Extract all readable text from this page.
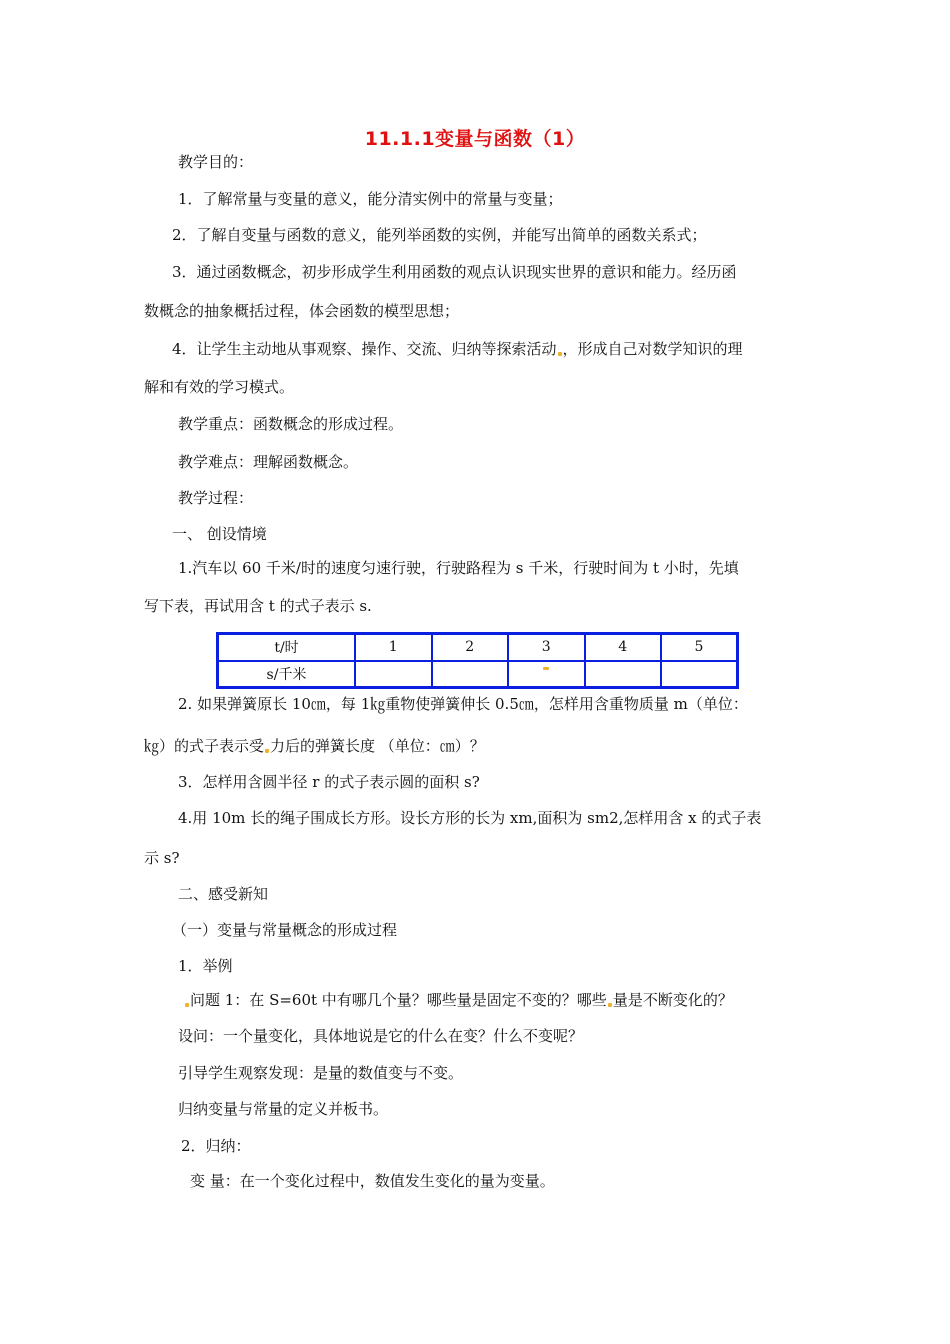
11.1.1变量与函数（1）
教学目的：
1．了解常量与变量的意义，能分清实例中的常量与变量；
2．了解自变量与函数的意义，能列举函数的实例，并能写出简单的函数关系式；
3．通过函数概念，初步形成学生利用函数的观点认识现实世界的意识和能力。经历函
数概念的抽象概括过程，体会函数的模型思想；
4．让学生主动地从事观察、操作、交流、归纳等探索活动 ，形成自己对数学知识的理
解和有效的学习模式。
教学重点：函数概念的形成过程。
教学难点：理解函数概念。
教学过程：
一、 创设情境
1.汽车以 60 千米/时的速度匀速行驶，行驶路程为 s 千米，行驶时间为 t 小时，先填
写下表，再试用含 t 的式子表示 s.
t/时	1	2	3	4	5
s/千米					
2. 如果弹簧原长 10㎝，每 1㎏重物使弹簧伸长 0.5㎝，怎样用含重物质量 m（单位：
㎏）的式子表示受 力后的弹簧长度 （单位：㎝）？
3．怎样用含圆半径 r 的式子表示圆的面积 s?
4.用 10m 长的绳子围成长方形。设长方形的长为 xm,面积为 sm2,怎样用含 x 的式子表
示 s?
二、感受新知
（一）变量与常量概念的形成过程
1．举例
问题 1：在 S=60t 中有哪几个量？哪些量是固定不变的？哪些 量是不断变化的？
设问：一个量变化，具体地说是它的什么在变？什么不变呢？
引导学生观察发现：是量的数值变与不变。
归纳变量与常量的定义并板书。
2．归纳：
变 量：在一个变化过程中，数值发生变化的量为变量。
